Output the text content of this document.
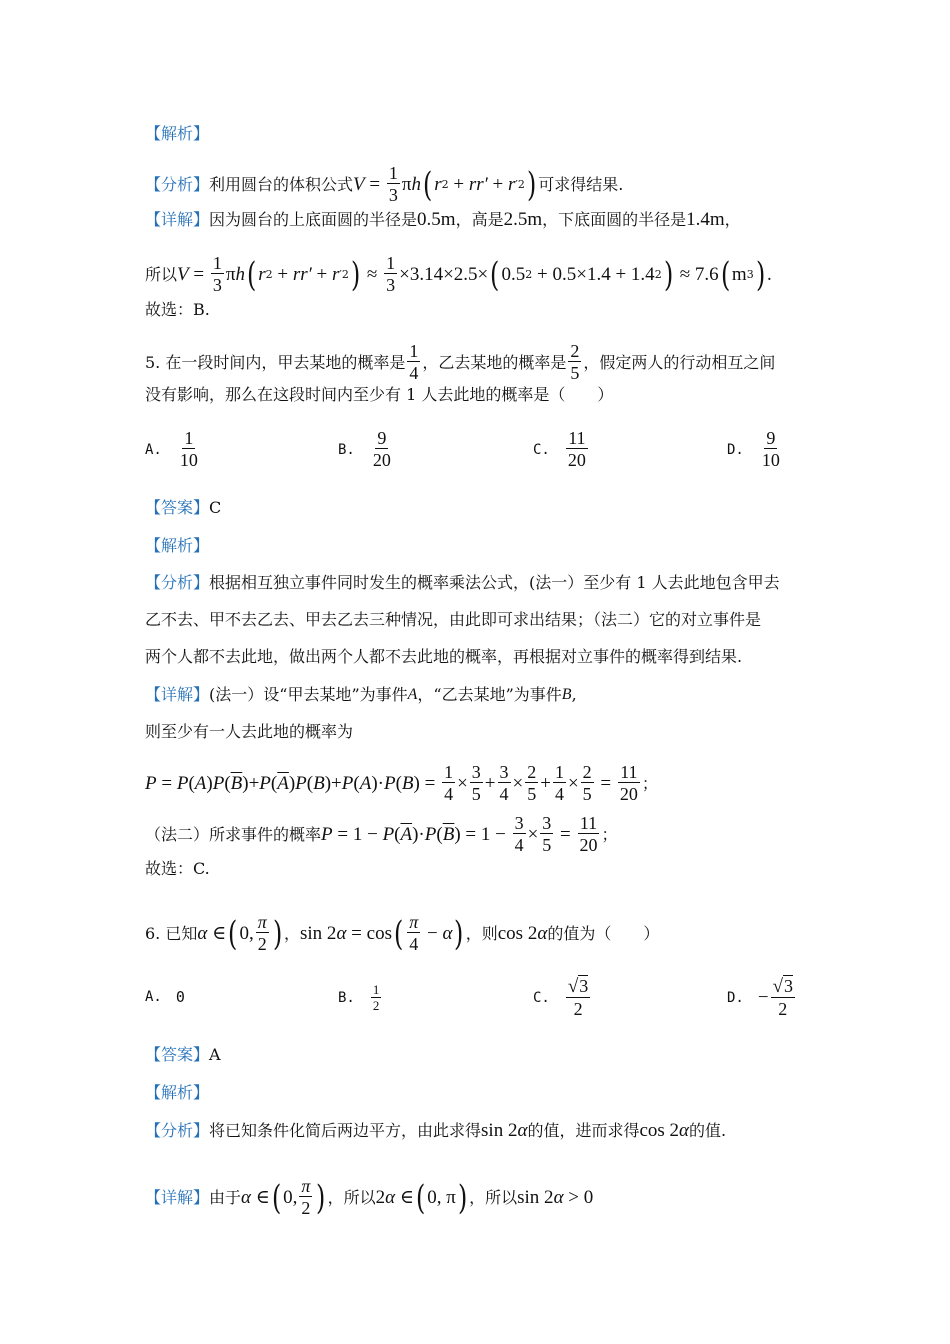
【解析】
【分析】 利用圆台的体积公式 $V = \frac{1}{3}$ π h ( r 2 + rr′ + r ′2 ) 可求得结果.
【详解】 因为圆台的上底面圆的半径是 0.5m ，高是 2.5m ，下底面圆的半径是 1.4m ，
所以 $V = \frac{1}{3}$ π h ( r 2 + rr′ + r ′2 ) ≈ $\frac{1}{3} \times 3.14\times 2.5\times$ ( 0.5 2 + 0.5×1.4 + 1.4 2 ) ≈ 7.6 ( m 3 ) .
故选：B.
5. 在一段时间内，甲去某地的概率是 $\frac{1}{4}$ ，乙去某地的概率是 $\frac{2}{5}$ ，假定两人的行动相互之间
没有影响，那么在这段时间内至少有 1 人去此地的概率是（　　）
A. $\frac{1}{10}$	B. $\frac{9}{20}$	C. $\frac{11}{20}$	D. $\frac{9}{10}$
【答案】 C
【解析】
【分析】 根据相互独立事件同时发生的概率乘法公式，(法一）至少有 1 人去此地包含甲去
乙不去、甲不去乙去、甲去乙去三种情况，由此即可求出结果；（法二）它的对立事件是
两个人都不去此地，做出两个人都不去此地的概率，再根据对立事件的概率得到结果.
【详解】 (法一）设“甲去某地”为事件 A ，“乙去某地”为事件 B ,
则至少有一人去此地的概率为
P = P ( A ) P ( $\overline{B}$ )+ P ( $\overline{A}$ ) P ( B )+ P ( A )· P ( B ) = $\frac{1}{4} \times \frac{3}{5} + \frac{3}{4} \times \frac{2}{5} + \frac{1}{4} \times \frac{2}{5} = \frac{11}{20}$ ；
（法二）所求事件的概率 P = 1 − P ( $\overline{A}$ )· P ( $\overline{B}$ ) = $1 - \frac{3}{4} \times \frac{3}{5} = \frac{11}{20}$ ；
故选：C.
6. 已知 α ∈ ( 0, $\frac{\pi}{2}$ ) ， sin 2 α = cos ( $\frac{\pi}{4} - \alpha$ ) ，则 cos 2 α 的值为（　　）
A. 0	B. $\frac{1}{2}$	C. $\frac{√3}{2}$	D. − $\frac{√3}{2}$
【答案】 A
【解析】
【分析】 将已知条件化简后两边平方，由此求得 sin 2 α 的值，进而求得 cos 2 α 的值.
【详解】 由于 α ∈ ( 0, $\frac{\pi}{2}$ ) ，所以 2 α ∈ ( 0, π ) ，所以 sin 2 α > 0
